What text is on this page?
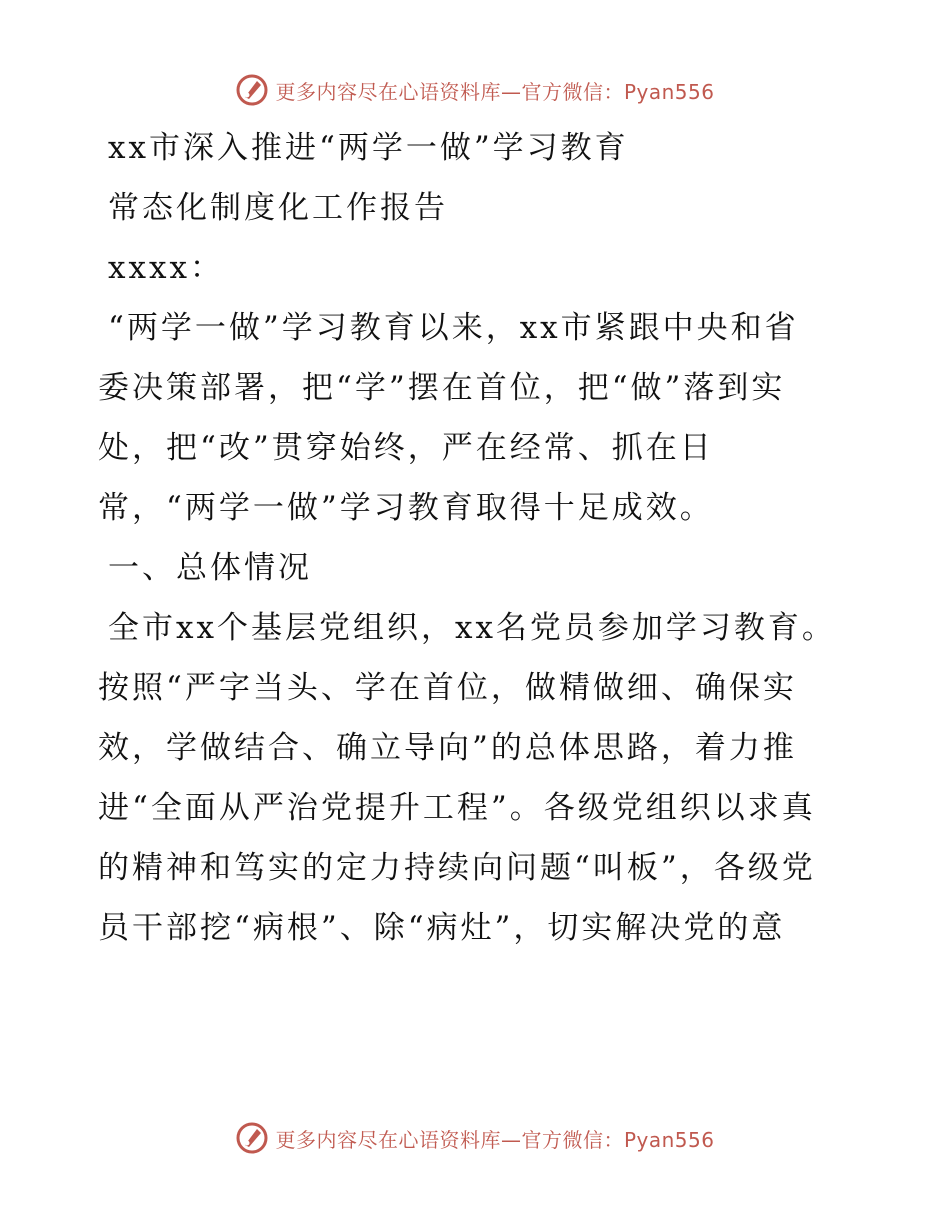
更多内容尽在心语资料库—官方微信：Pyan556
xx市深入推进“两学一做”学习教育
常态化制度化工作报告
xxxx：
“两学一做”学习教育以来，xx市紧跟中央和省
委决策部署，把“学”摆在首位，把“做”落到实
处，把“改”贯穿始终，严在经常、抓在日
常，“两学一做”学习教育取得十足成效。
一、总体情况
全市xx个基层党组织，xx名党员参加学习教育。
按照“严字当头、学在首位，做精做细、确保实
效，学做结合、确立导向”的总体思路，着力推
进“全面从严治党提升工程”。各级党组织以求真
的精神和笃实的定力持续向问题“叫板”，各级党
员干部挖“病根”、除“病灶”，切实解决党的意
更多内容尽在心语资料库—官方微信：Pyan556
